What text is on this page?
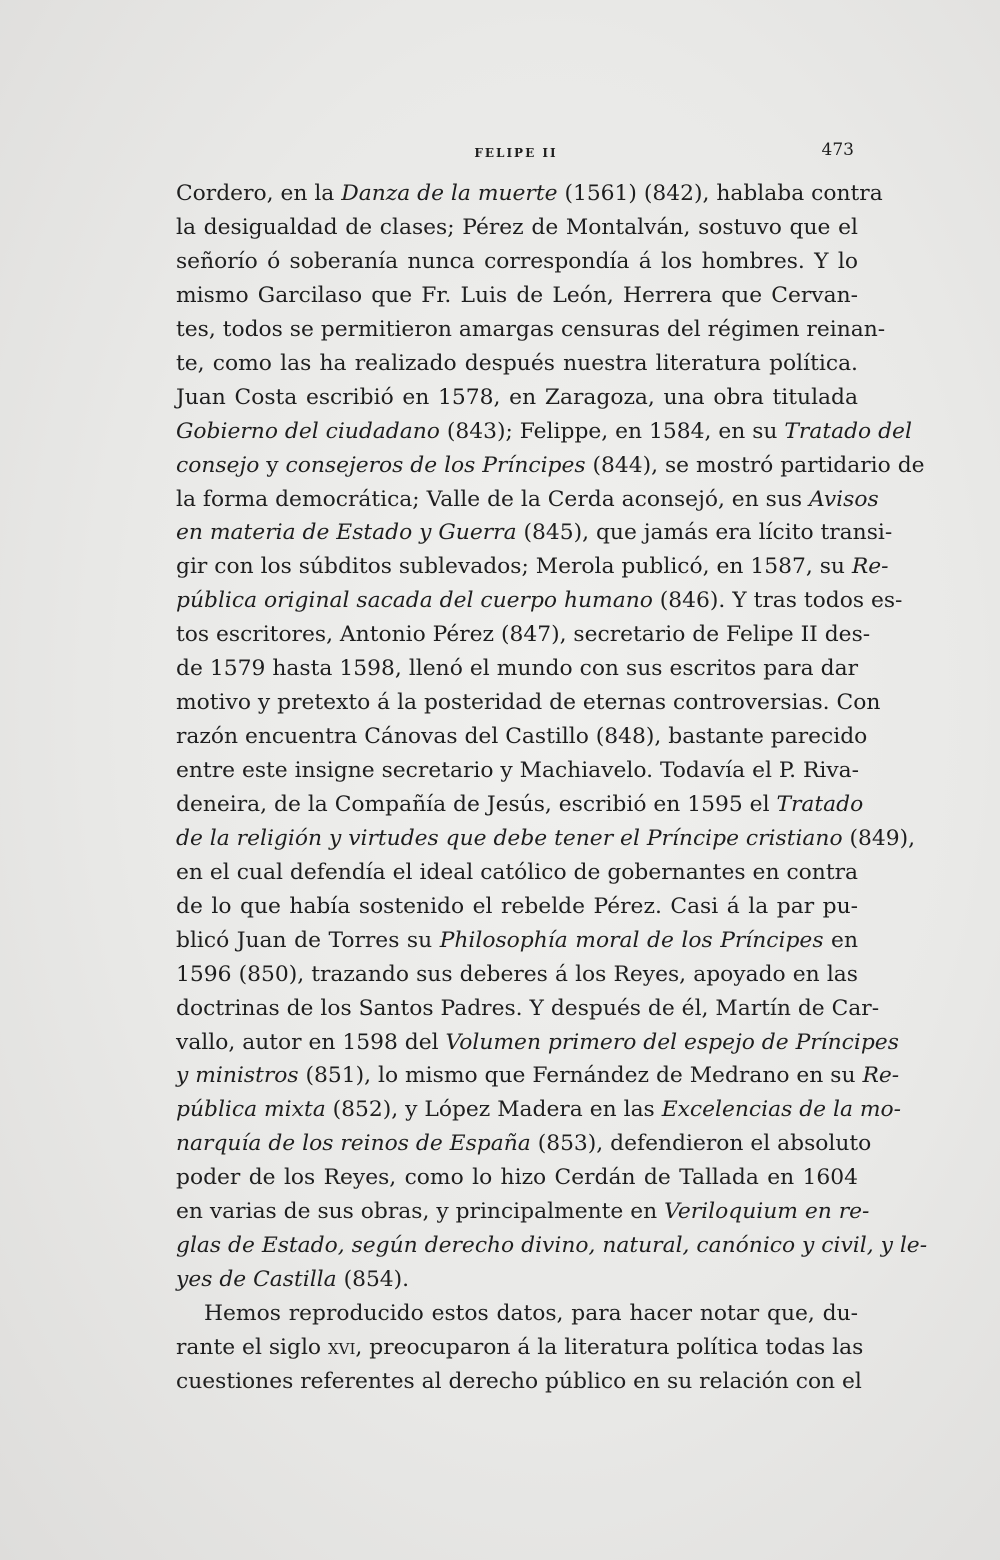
FELIPE II	473
Cordero, en la Danza de la muerte (1561) (842), hablaba contra
la desigualdad de clases; Pérez de Montalván, sostuvo que el
señorío ó soberanía nunca correspondía á los hombres. Y lo
mismo Garcilaso que Fr. Luis de León, Herrera que Cervan-
tes, todos se permitieron amargas censuras del régimen reinan-
te, como las ha realizado después nuestra literatura política.
Juan Costa escribió en 1578, en Zaragoza, una obra titulada
Gobierno del ciudadano (843); Felippe, en 1584, en su Tratado del
consejo y consejeros de los Príncipes (844), se mostró partidario de
la forma democrática; Valle de la Cerda aconsejó, en sus Avisos
en materia de Estado y Guerra (845), que jamás era lícito transi-
gir con los súbditos sublevados; Merola publicó, en 1587, su Re-
pública original sacada del cuerpo humano (846). Y tras todos es-
tos escritores, Antonio Pérez (847), secretario de Felipe II des-
de 1579 hasta 1598, llenó el mundo con sus escritos para dar
motivo y pretexto á la posteridad de eternas controversias. Con
razón encuentra Cánovas del Castillo (848), bastante parecido
entre este insigne secretario y Machiavelo. Todavía el P. Riva-
deneira, de la Compañía de Jesús, escribió en 1595 el Tratado
de la religión y virtudes que debe tener el Príncipe cristiano (849),
en el cual defendía el ideal católico de gobernantes en contra
de lo que había sostenido el rebelde Pérez. Casi á la par pu-
blicó Juan de Torres su Philosophía moral de los Príncipes en
1596 (850), trazando sus deberes á los Reyes, apoyado en las
doctrinas de los Santos Padres. Y después de él, Martín de Car-
vallo, autor en 1598 del Volumen primero del espejo de Príncipes
y ministros (851), lo mismo que Fernández de Medrano en su Re-
pública mixta (852), y López Madera en las Excelencias de la mo-
narquía de los reinos de España (853), defendieron el absoluto
poder de los Reyes, como lo hizo Cerdán de Tallada en 1604
en varias de sus obras, y principalmente en Veriloquium en re-
glas de Estado, según derecho divino, natural, canónico y civil, y le-
yes de Castilla (854).
Hemos reproducido estos datos, para hacer notar que, du-
rante el siglo xvi, preocuparon á la literatura política todas las
cuestiones referentes al derecho público en su relación con el
